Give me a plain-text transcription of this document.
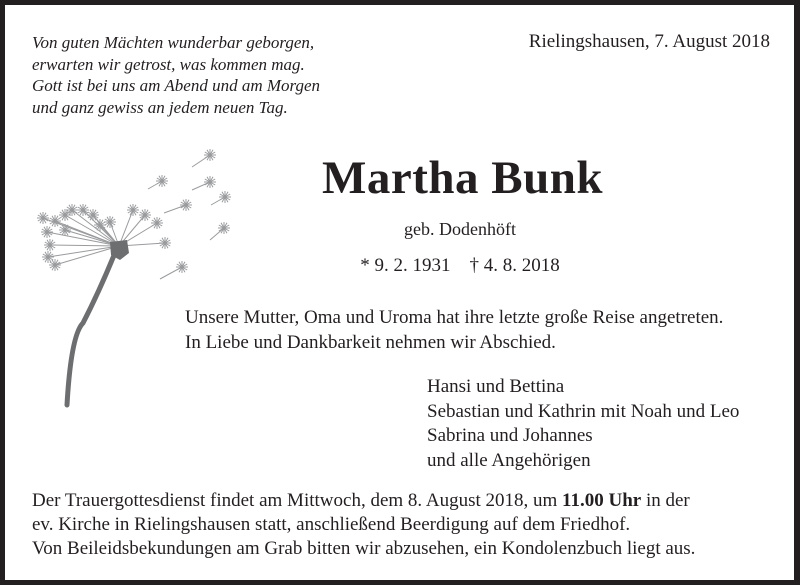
Von guten Mächten wunderbar geborgen,
erwarten wir getrost, was kommen mag.
Gott ist bei uns am Abend und am Morgen
und ganz gewiss an jedem neuen Tag.
Rielingshausen, 7. August 2018
Martha Bunk
geb. Dodenhöft
* 9. 2. 1931 † 4. 8. 2018
Unsere Mutter, Oma und Uroma hat ihre letzte große Reise angetreten.
In Liebe und Dankbarkeit nehmen wir Abschied.
Hansi und Bettina
Sebastian und Kathrin mit Noah und Leo
Sabrina und Johannes
und alle Angehörigen
Der Trauergottesdienst findet am Mittwoch, dem 8. August 2018, um 11.00 Uhr in der
ev. Kirche in Rielingshausen statt, anschließend Beerdigung auf dem Friedhof.
Von Beileidsbekundungen am Grab bitten wir abzusehen, ein Kondolenzbuch liegt aus.
